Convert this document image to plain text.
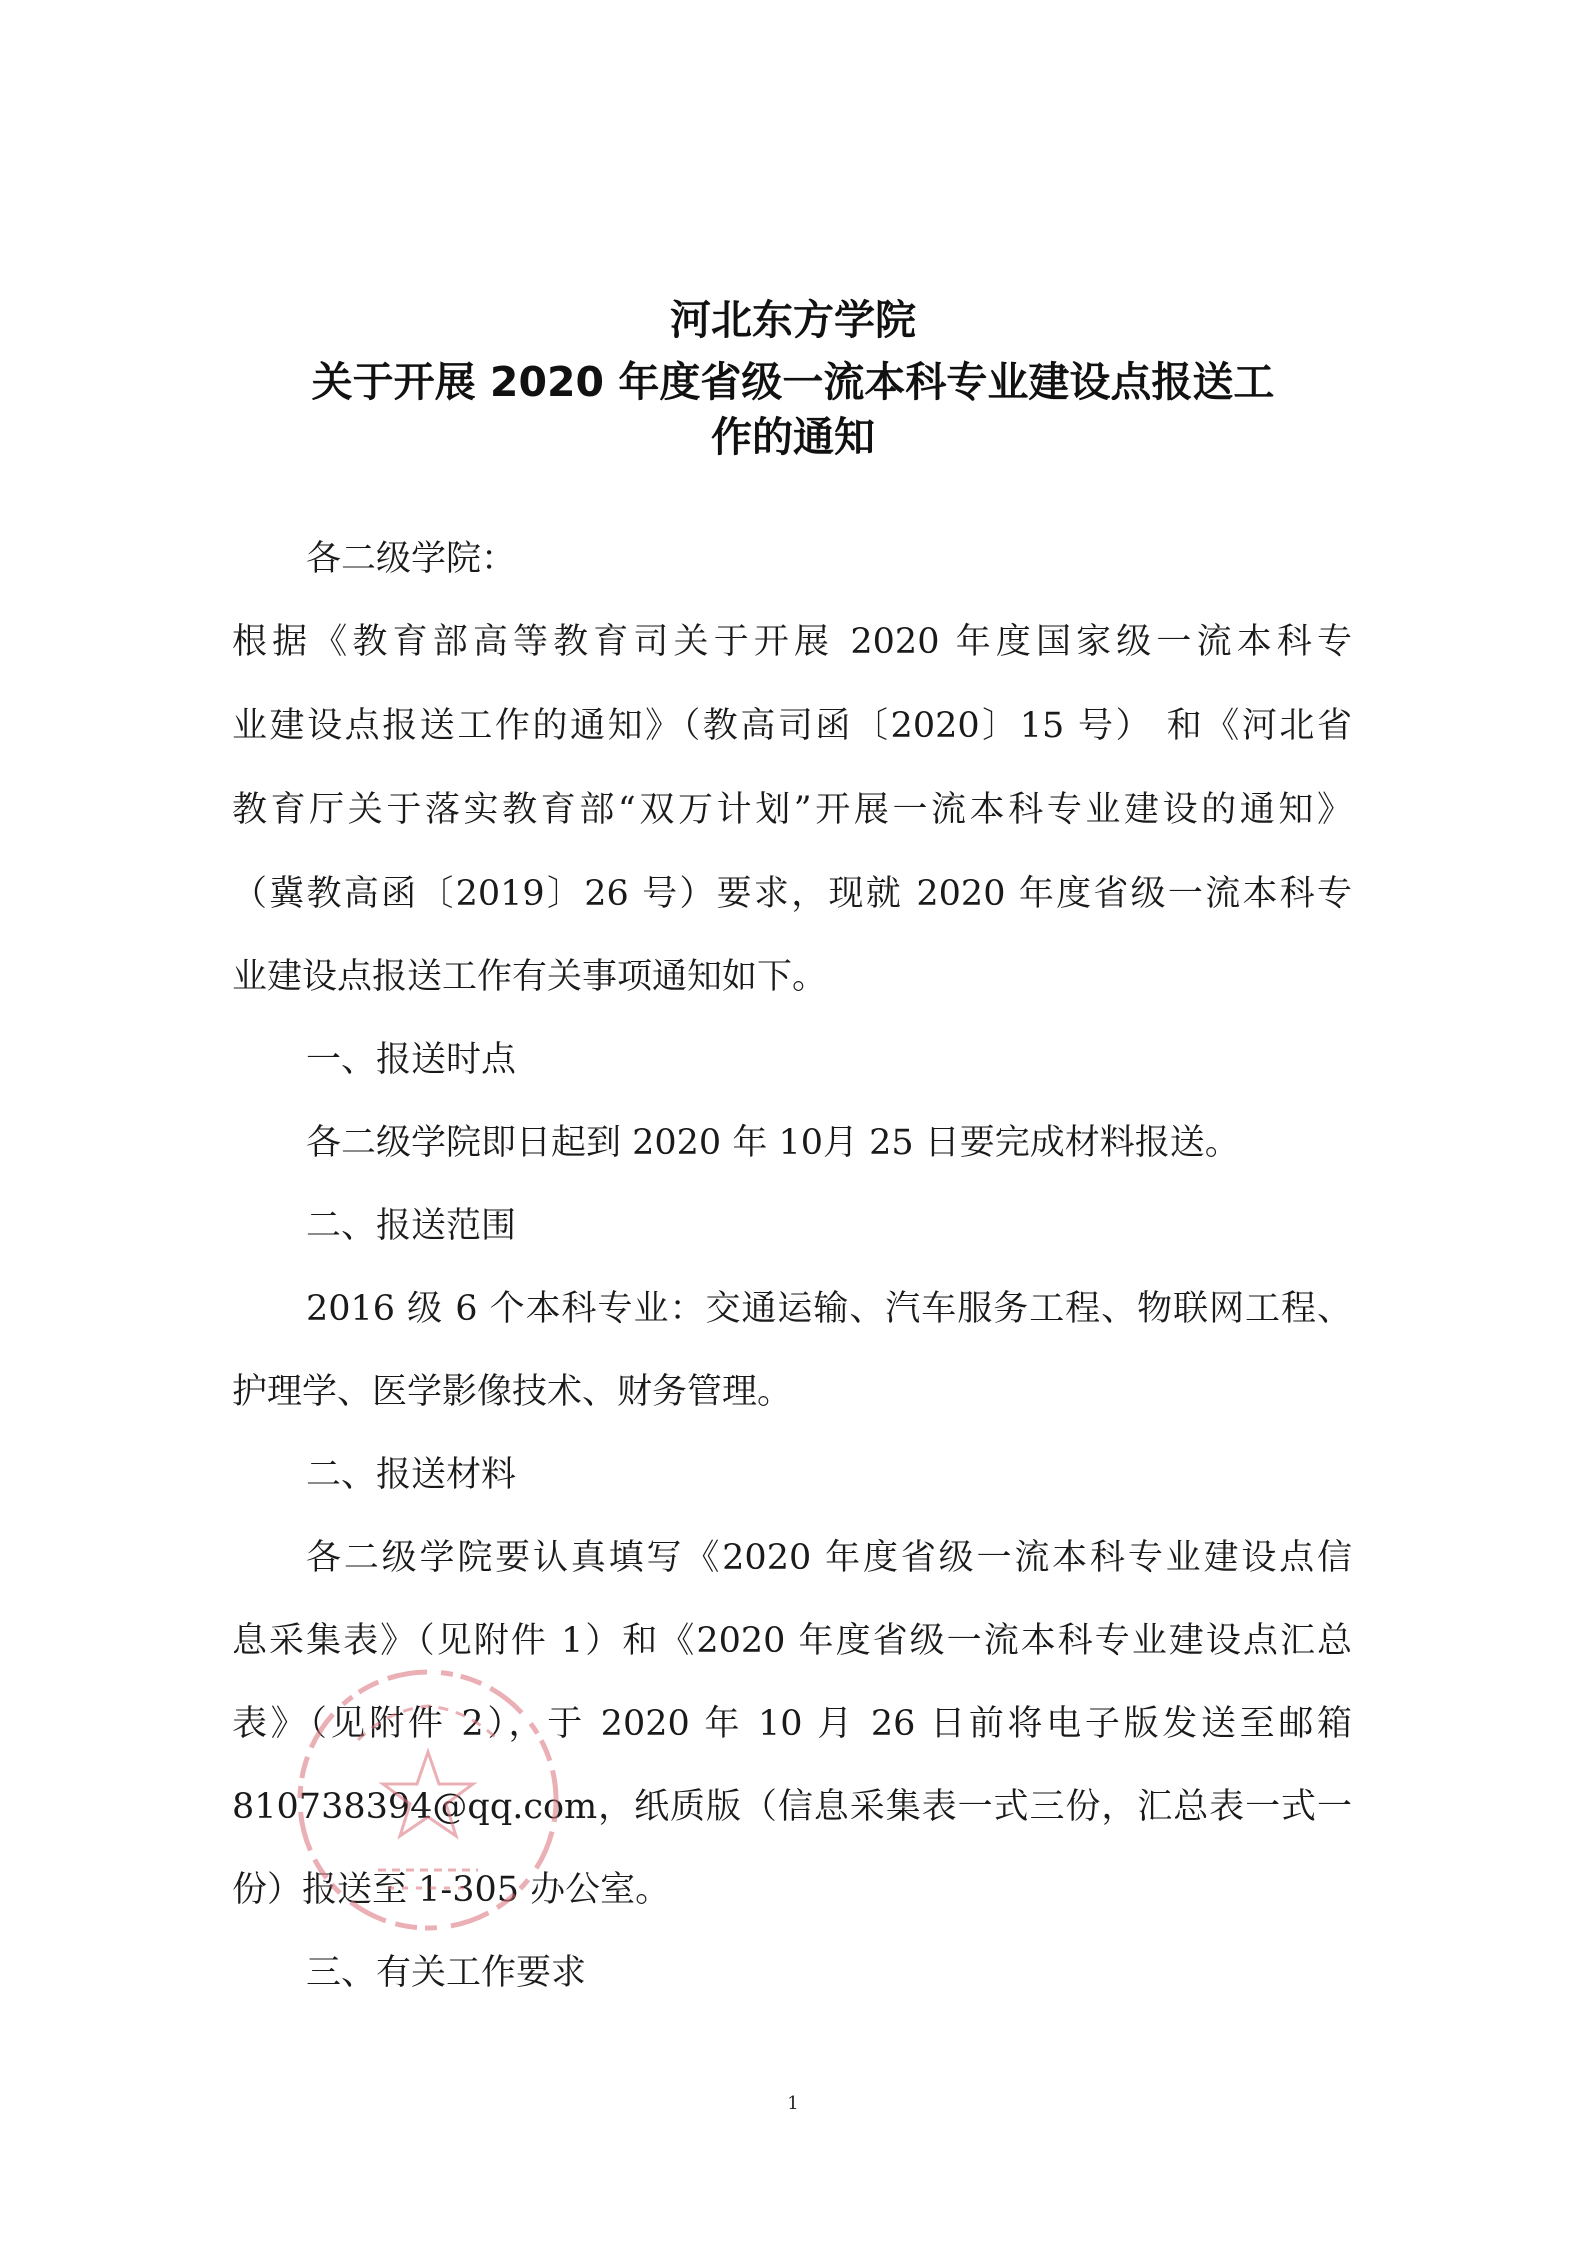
河北东方学院
关于开展 2020 年度省级一流本科专业建设点报送工
作的通知
各二级学院：
根据《教育部高等教育司关于开展 2020 年度国家级一流本科专
业建设点报送工作的通知》（教高司函〔2020〕15 号） 和《河北省
教育厅关于落实教育部“双万计划”开展一流本科专业建设的通知》
（冀教高函〔2019〕26 号）要求，现就 2020 年度省级一流本科专
业建设点报送工作有关事项通知如下。
一、报送时点
各二级学院即日起到 2020 年 10月 25 日要完成材料报送。
二、报送范围
2016 级 6 个本科专业：交通运输、汽车服务工程、物联网工程、
护理学、医学影像技术、财务管理。
二、报送材料
各二级学院要认真填写《2020 年度省级一流本科专业建设点信
息采集表》（见附件 1）和《2020 年度省级一流本科专业建设点汇总
表》（见附件 2），于 2020 年 10 月 26 日前将电子版发送至邮箱
810738394@qq.com，纸质版（信息采集表一式三份，汇总表一式一
份）报送至 1-305 办公室。
三、有关工作要求
1
